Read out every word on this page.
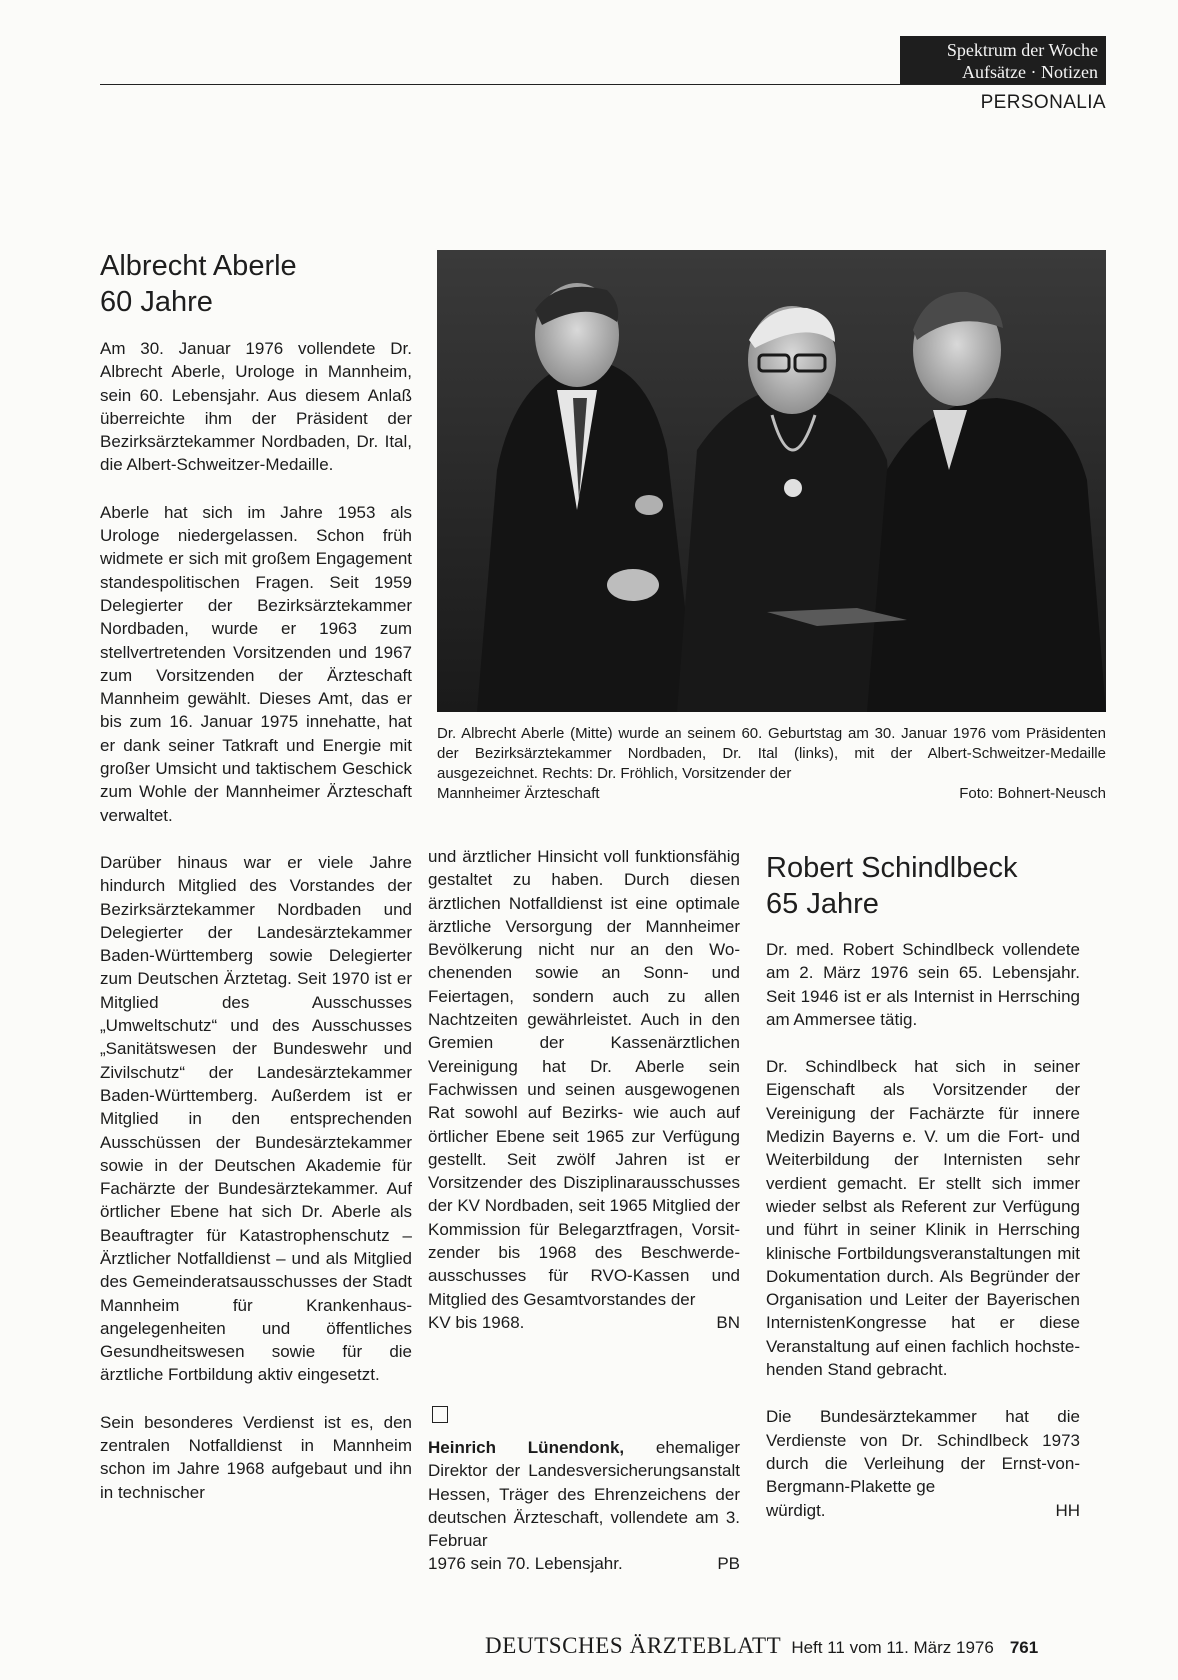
Spektrum der Woche
Aufsätze · Notizen
PERSONALIA
Albrecht Aberle
60 Jahre

Am 30. Januar 1976 vollendete Dr. Albrecht Aberle, Urologe in Mannheim, sein 60. Lebensjahr. Aus diesem Anlaß überreichte ihm der Präsident der Bezirksärztekammer Nordbaden, Dr. Ital, die Albert-Schweitzer-Medaille.

Aberle hat sich im Jahre 1953 als Urologe niedergelassen. Schon früh widmete er sich mit großem Engagement standespolitischen Fragen. Seit 1959 Delegierter der Bezirksärztekammer Nordbaden, wurde er 1963 zum stellvertretenden Vorsitzenden und 1967 zum Vorsitzenden der Ärzteschaft Mannheim gewählt. Dieses Amt, das er bis zum 16. Januar 1975 innehatte, hat er dank seiner Tatkraft und Energie mit großer Umsicht und taktischem Geschick zum Wohle der Mannheimer Ärzteschaft verwaltet.

Darüber hinaus war er viele Jahre hindurch Mitglied des Vorstandes der Bezirksärztekammer Nordbaden und Delegierter der Landesärztekammer Baden-Württemberg sowie Delegierter zum Deutschen Ärztetag. Seit 1970 ist er Mitglied des Ausschusses „Umweltschutz“ und des Ausschusses „Sanitätswesen der Bundeswehr und Zivilschutz“ der Landesärztekammer Baden-Württemberg. Außerdem ist er Mitglied in den entsprechenden Ausschüssen der Bundesärztekammer sowie in der Deutschen Akademie für Fachärzte der Bundesärztekammer. Auf örtlicher Ebene hat sich Dr. Aberle als Beauftragter für Katastrophenschutz – Ärztlicher Notfalldienst – und als Mitglied des Gemeinderatsausschusses der Stadt Mannheim für Krankenhausangelegenheiten und öffentliches Gesundheitswesen sowie für die ärztliche Fortbildung aktiv eingesetzt.

Sein besonderes Verdienst ist es, den zentralen Notfalldienst in Mannheim schon im Jahre 1968 aufgebaut und ihn in technischer

Dr. Albrecht Aberle (Mitte) wurde an seinem 60. Geburtstag am 30. Januar 1976 vom Präsidenten der Bezirksärztekammer Nordbaden, Dr. Ital (links), mit der Albert-Schweitzer-Medaille ausgezeichnet. Rechts: Dr. Fröhlich, Vorsitzender der
Mannheimer Ärzteschaft	Foto: Bohnert-Neusch

und ärztlicher Hinsicht voll funktionsfähig gestaltet zu haben. Durch diesen ärztlichen Notfalldienst ist eine optimale ärztliche Versorgung der Mannheimer Bevölkerung nicht nur an den Wochenenden sowie an Sonn- und Feiertagen, sondern auch zu allen Nachtzeiten gewährleistet. Auch in den Gremien der Kassenärztlichen Vereinigung hat Dr. Aberle sein Fachwissen und seinen ausgewogenen Rat sowohl auf Bezirks- wie auch auf örtlicher Ebene seit 1965 zur Verfügung gestellt. Seit zwölf Jahren ist er Vorsitzender des Disziplinarausschusses der KV Nordbaden, seit 1965 Mitglied der Kommission für Belegarztfragen, Vorsitzender bis 1968 des Beschwerdeausschusses für RVO-Kassen und Mitglied des Gesamtvorstandes der

KV bis 1968.	BN
Heinrich Lünendonk, ehemaliger Direktor der Landesversicherungsanstalt Hessen, Träger des Ehrenzeichens der deutschen Ärzteschaft, vollendete am 3. Februar
1976 sein 70. Lebensjahr.	PB
Robert Schindlbeck
65 Jahre

Dr. med. Robert Schindlbeck vollendete am 2. März 1976 sein 65. Lebensjahr. Seit 1946 ist er als Internist in Herrsching am Ammersee tätig.

Dr. Schindlbeck hat sich in seiner Eigenschaft als Vorsitzender der Vereinigung der Fachärzte für innere Medizin Bayerns e. V. um die Fort- und Weiterbildung der Internisten sehr verdient gemacht. Er stellt sich immer wieder selbst als Referent zur Verfügung und führt in seiner Klinik in Herrsching klinische Fortbildungsveranstaltungen mit Dokumentation durch. Als Begründer der Organisation und Leiter der Bayerischen InternistenKongresse hat er diese Veranstaltung auf einen fachlich hochstehenden Stand gebracht.

Die Bundesärztekammer hat die Verdienste von Dr. Schindlbeck 1973 durch die Verleihung der Ernst-von-Bergmann-Plakette ge

würdigt.	HH
DEUTSCHES ÄRZTEBLATT Heft 11 vom 11. März 1976 761
